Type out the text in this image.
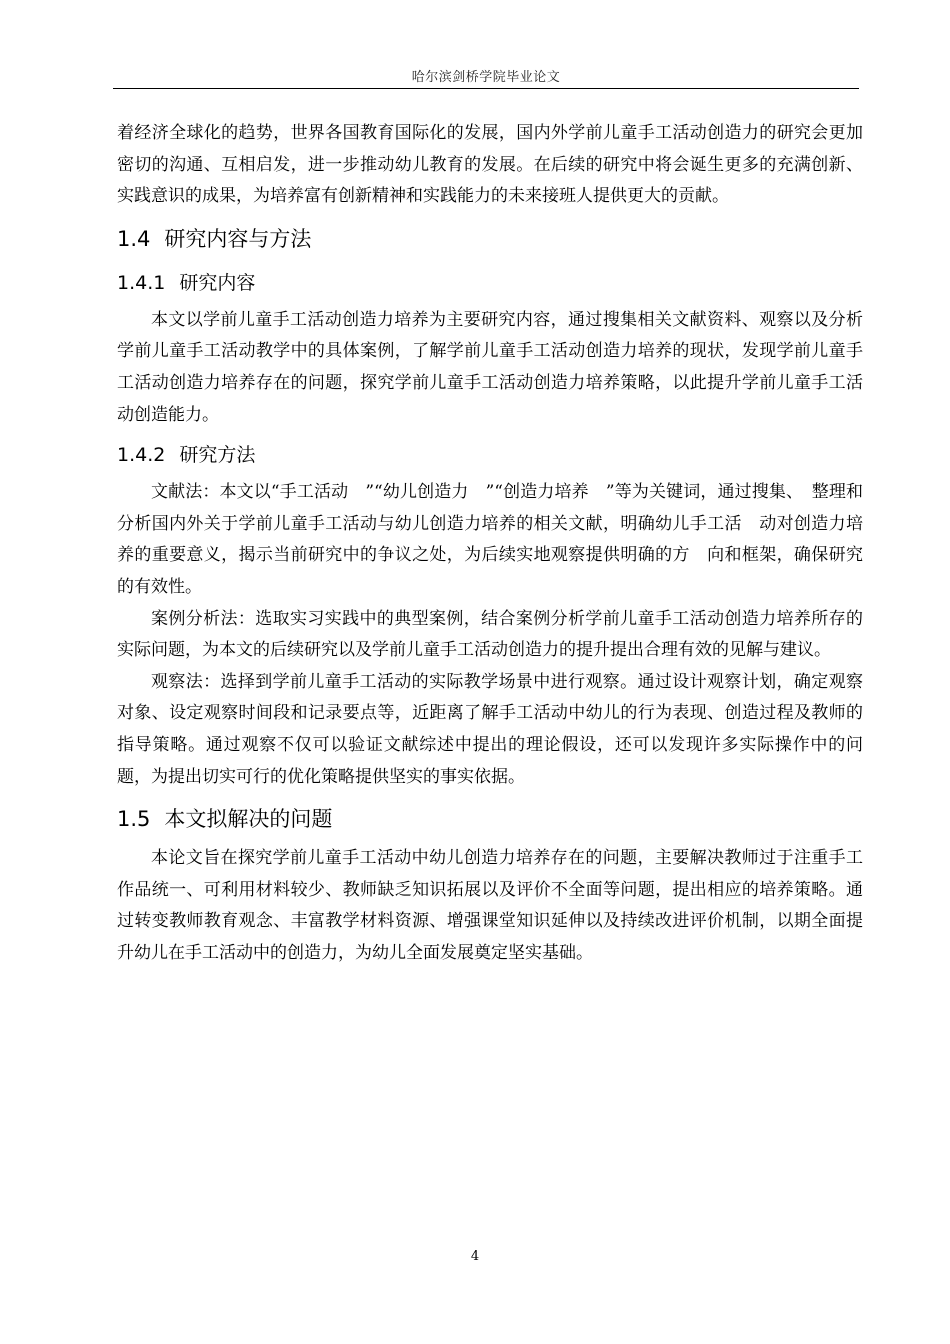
哈尔滨剑桥学院毕业论文

着经济全球化的趋势，世界各国教育国际化的发展，国内外学前儿童手工活动创造力的研究会更加密切的沟通、互相启发，进一步推动幼儿教育的发展。在后续的研究中将会诞生更多的充满创新、实践意识的成果，为培养富有创新精神和实践能力的未来接班人提供更大的贡献。

1.4 研究内容与方法
1.4.1 研究内容

本文以学前儿童手工活动创造力培养为主要研究内容，通过搜集相关文献资料、观察以及分析学前儿童手工活动教学中的具体案例，了解学前儿童手工活动创造力培养的现状，发现学前儿童手工活动创造力培养存在的问题，探究学前儿童手工活动创造力培养策略，以此提升学前儿童手工活动创造能力。

1.4.2 研究方法

文献法：本文以“手工活动　”“幼儿创造力　”“创造力培养　”等为关键词，通过搜集、　整理和分析国内外关于学前儿童手工活动与幼儿创造力培养的相关文献，明确幼儿手工活　动对创造力培养的重要意义，揭示当前研究中的争议之处，为后续实地观察提供明确的方　向和框架，确保研究的有效性。

案例分析法：选取实习实践中的典型案例，结合案例分析学前儿童手工活动创造力培养所存的实际问题，为本文的后续研究以及学前儿童手工活动创造力的提升提出合理有效的见解与建议。

观察法：选择到学前儿童手工活动的实际教学场景中进行观察。通过设计观察计划，确定观察对象、设定观察时间段和记录要点等，近距离了解手工活动中幼儿的行为表现、创造过程及教师的指导策略。通过观察不仅可以验证文献综述中提出的理论假设，还可以发现许多实际操作中的问题，为提出切实可行的优化策略提供坚实的事实依据。

1.5 本文拟解决的问题

本论文旨在探究学前儿童手工活动中幼儿创造力培养存在的问题，主要解决教师过于注重手工作品统一、可利用材料较少、教师缺乏知识拓展以及评价不全面等问题，提出相应的培养策略。通过转变教师教育观念、丰富教学材料资源、增强课堂知识延伸以及持续改进评价机制，以期全面提升幼儿在手工活动中的创造力，为幼儿全面发展奠定坚实基础。

4
